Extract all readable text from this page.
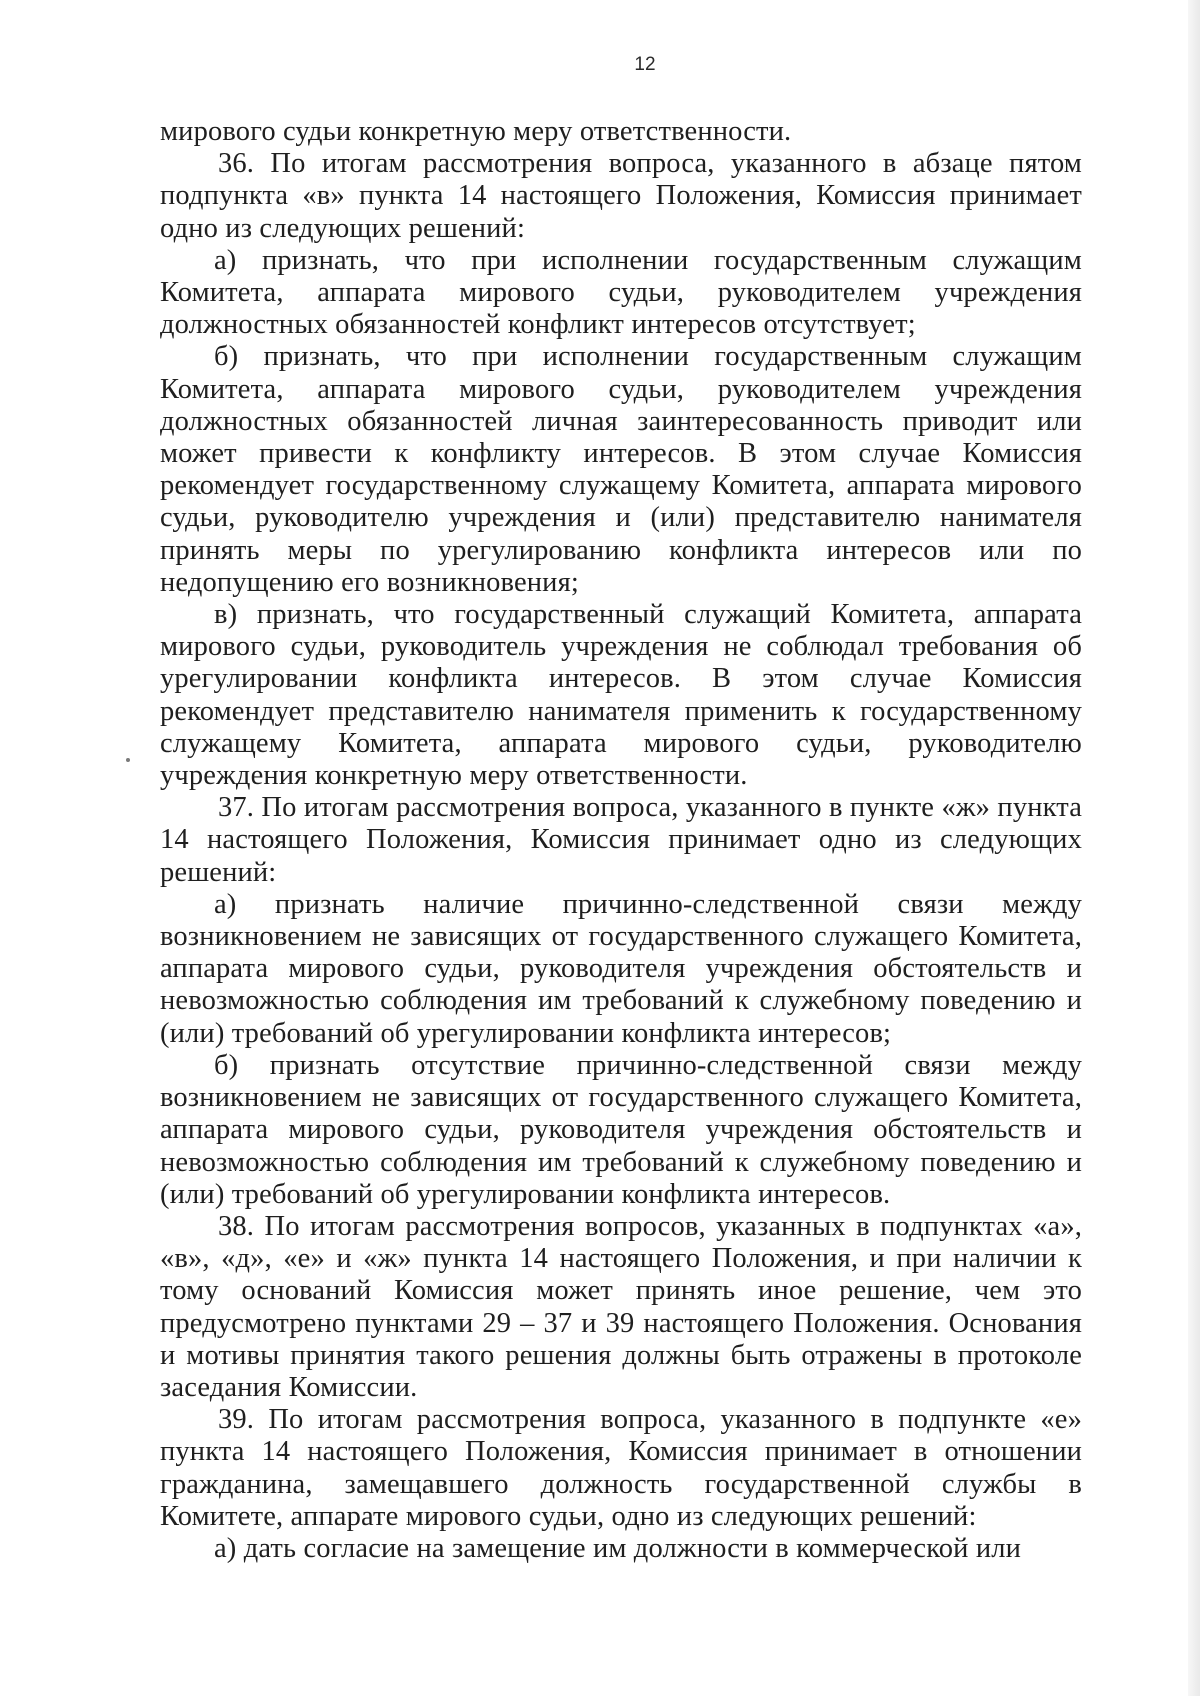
12

мирового судьи конкретную меру ответственности.

36. По итогам рассмотрения вопроса, указанного в абзаце пятом подпункта «в» пункта 14 настоящего Положения, Комиссия принимает одно из следующих решений:

а) признать, что при исполнении государственным служащим Комитета, аппарата мирового судьи, руководителем учреждения должностных обязанностей конфликт интересов отсутствует;

б) признать, что при исполнении государственным служащим Комитета, аппарата мирового судьи, руководителем учреждения должностных обязанностей личная заинтересованность приводит или может привести к конфликту интересов. В этом случае Комиссия рекомендует государственному служащему Комитета, аппарата мирового судьи, руководителю учреждения и (или) представителю нанимателя принять меры по урегулированию конфликта интересов или по недопущению его возникновения;

в) признать, что государственный служащий Комитета, аппарата мирового судьи, руководитель учреждения не соблюдал требования об урегулировании конфликта интересов. В этом случае Комиссия рекомендует представителю нанимателя применить к государственному служащему Комитета, аппарата мирового судьи, руководителю учреждения конкретную меру ответственности.

37. По итогам рассмотрения вопроса, указанного в пункте «ж» пункта 14 настоящего Положения, Комиссия принимает одно из следующих решений:

а) признать наличие причинно-следственной связи между возникновением не зависящих от государственного служащего Комитета, аппарата мирового судьи, руководителя учреждения обстоятельств и невозможностью соблюдения им требований к служебному поведению и (или) требований об урегулировании конфликта интересов;

б) признать отсутствие причинно-следственной связи между возникновением не зависящих от государственного служащего Комитета, аппарата мирового судьи, руководителя учреждения обстоятельств и невозможностью соблюдения им требований к служебному поведению и (или) требований об урегулировании конфликта интересов.

38. По итогам рассмотрения вопросов, указанных в подпунктах «а», «в», «д», «е» и «ж» пункта 14 настоящего Положения, и при наличии к тому оснований Комиссия может принять иное решение, чем это предусмотрено пунктами 29 – 37 и 39 настоящего Положения. Основания и мотивы принятия такого решения должны быть отражены в протоколе заседания Комиссии.

39. По итогам рассмотрения вопроса, указанного в подпункте «е» пункта 14 настоящего Положения, Комиссия принимает в отношении гражданина, замещавшего должность государственной службы в Комитете, аппарате мирового судьи, одно из следующих решений:

а) дать согласие на замещение им должности в коммерческой или
